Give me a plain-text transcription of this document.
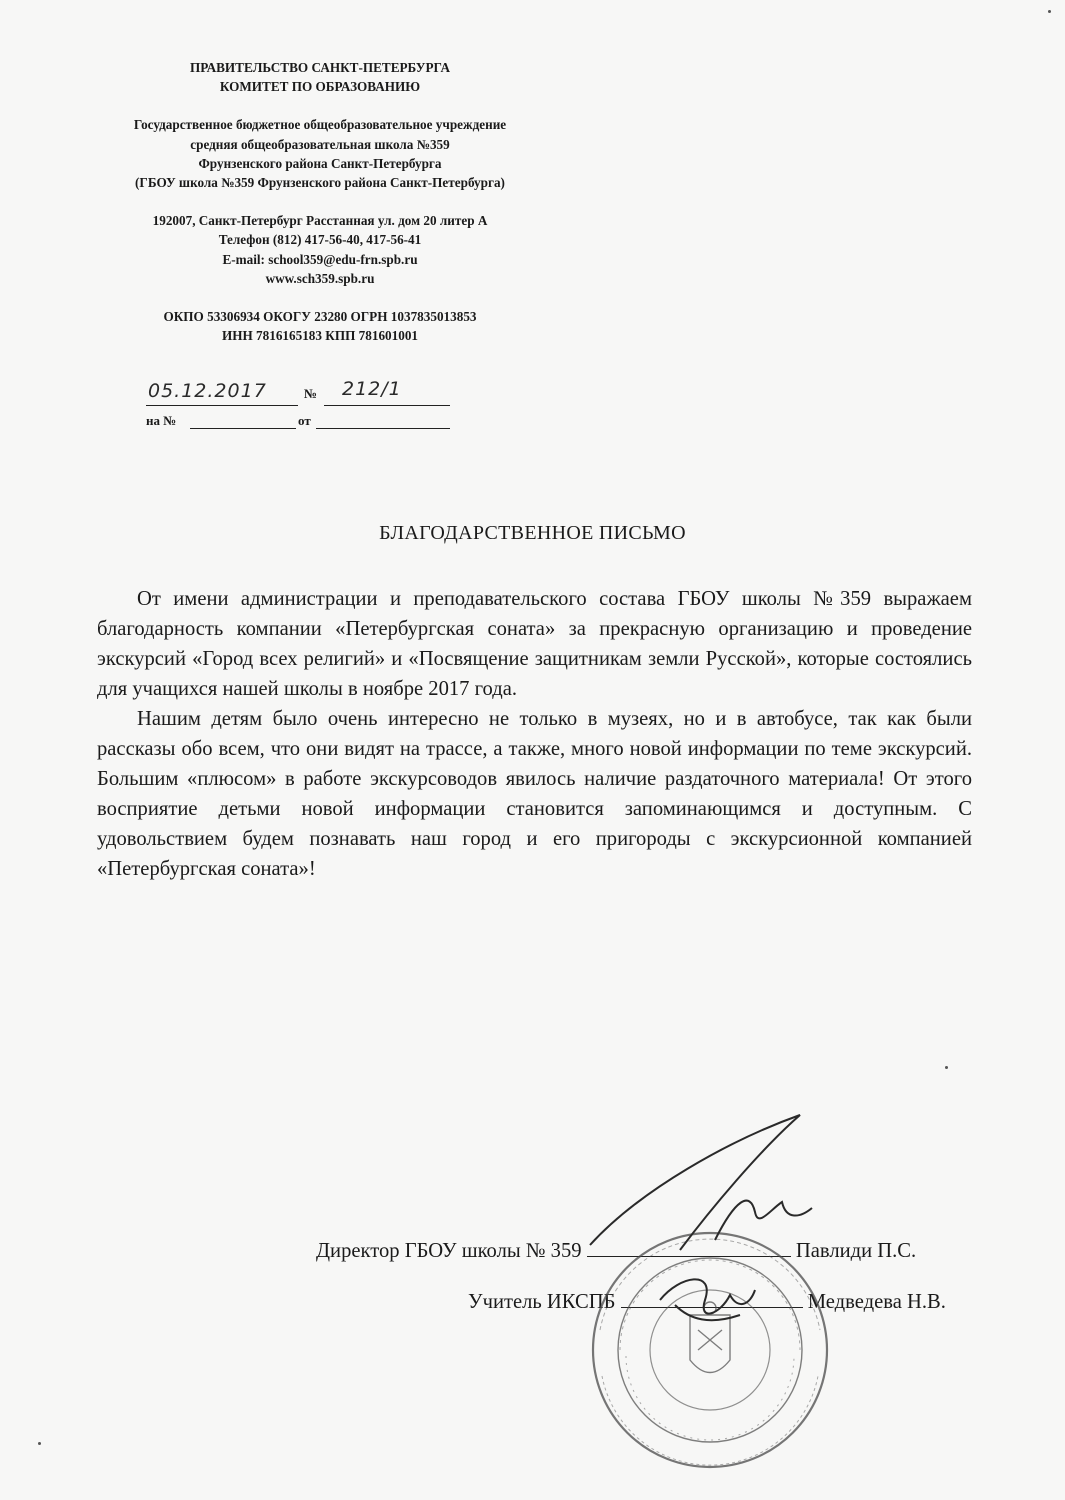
ПРАВИТЕЛЬСТВО САНКТ-ПЕТЕРБУРГА
КОМИТЕТ ПО ОБРАЗОВАНИЮ
Государственное бюджетное общеобразовательное учреждение
средняя общеобразовательная школа №359
Фрунзенского района Санкт-Петербурга
(ГБОУ школа №359 Фрунзенского района Санкт-Петербурга)
192007, Санкт-Петербург Расстанная ул. дом 20 литер А
Телефон (812) 417-56-40, 417-56-41
E-mail: school359@edu-frn.spb.ru
www.sch359.spb.ru
ОКПО 53306934 ОКОГУ 23280 ОГРН 1037835013853
ИНН 7816165183 КПП 781601001
05.12.2017	№ 212/1
на №	от
БЛАГОДАРСТВЕННОЕ ПИСЬМО

От имени администрации и преподавательского состава ГБОУ школы №359 выражаем благодарность компании «Петербургская соната» за прекрасную организацию и проведение экскурсий «Город всех религий» и «Посвящение защитникам земли Русской», которые состоялись для учащихся нашей школы в ноябре 2017 года.

Нашим детям было очень интересно не только в музеях, но и в автобусе, так как были рассказы обо всем, что они видят на трассе, а также, много новой информации по теме экскурсий. Большим «плюсом» в работе экскурсоводов явилось наличие раздаточного материала! От этого восприятие детьми новой информации становится запоминающимся и доступным. С удовольствием будем познавать наш город и его пригороды с экскурсионной компанией «Петербургская соната»!

Директор ГБОУ школы № 359	Павлиди П.С.
Учитель ИКСПБ	Медведева Н.В.
